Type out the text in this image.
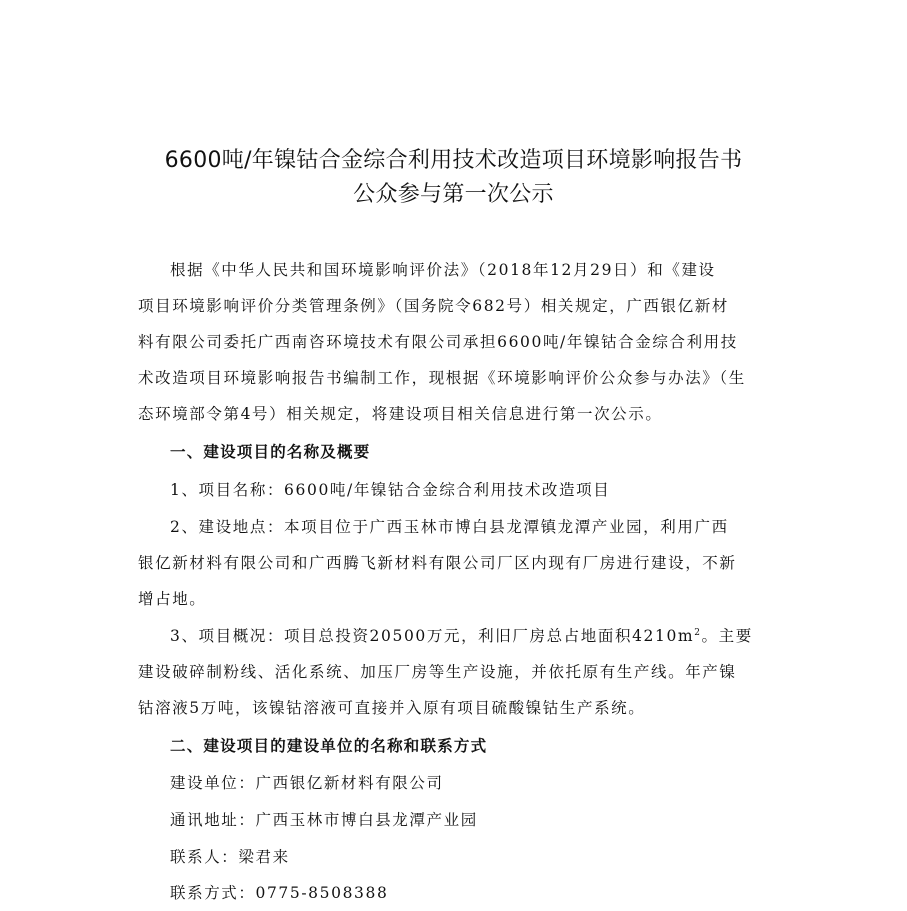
6600吨/年镍钴合金综合利用技术改造项目环境影响报告书
公众参与第一次公示
根据《中华人民共和国环境影响评价法》（2018年12月29日）和《建设
项目环境影响评价分类管理条例》（国务院令682号）相关规定，广西银亿新材
料有限公司委托广西南咨环境技术有限公司承担6600吨/年镍钴合金综合利用技
术改造项目环境影响报告书编制工作，现根据《环境影响评价公众参与办法》（生
态环境部令第4号）相关规定，将建设项目相关信息进行第一次公示。
一、建设项目的名称及概要
1、项目名称：6600吨/年镍钴合金综合利用技术改造项目
2、建设地点：本项目位于广西玉林市博白县龙潭镇龙潭产业园，利用广西
银亿新材料有限公司和广西腾飞新材料有限公司厂区内现有厂房进行建设，不新
增占地。
3、项目概况：项目总投资20500万元，利旧厂房总占地面积$4210m^2$。主要
建设破碎制粉线、活化系统、加压厂房等生产设施，并依托原有生产线。年产镍
钴溶液5万吨，该镍钴溶液可直接并入原有项目硫酸镍钴生产系统。
二、建设项目的建设单位的名称和联系方式
建设单位：广西银亿新材料有限公司
通讯地址：广西玉林市博白县龙潭产业园
联系人：梁君来
联系方式：0775-8508388
